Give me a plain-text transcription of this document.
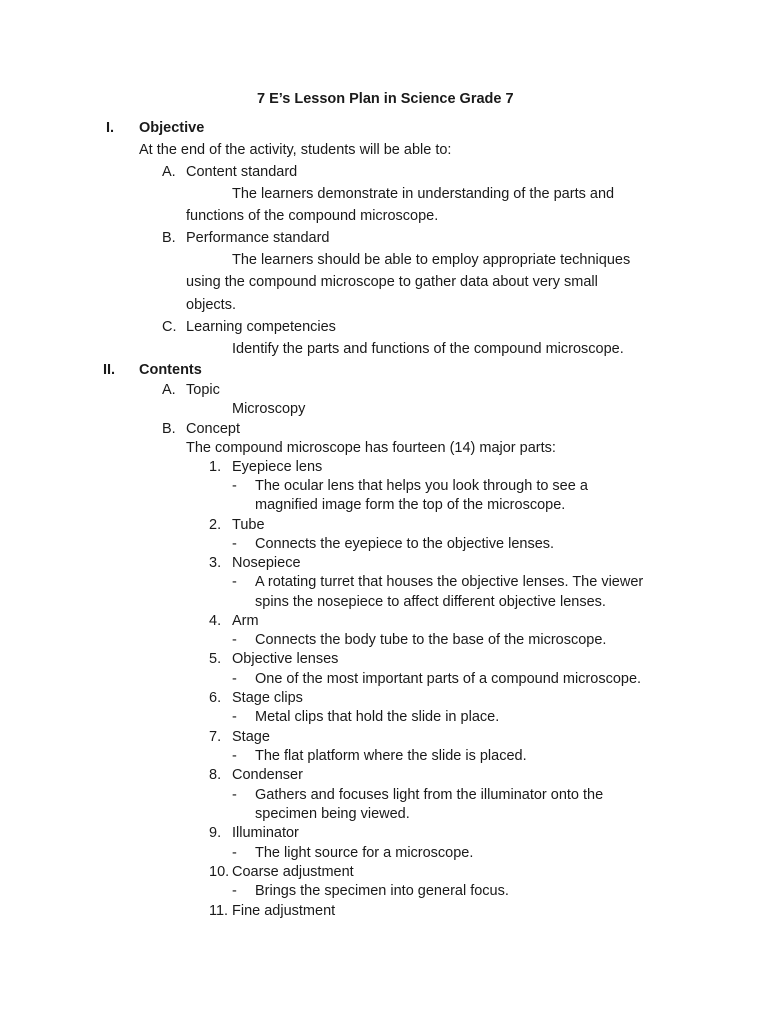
7 E’s Lesson Plan in Science Grade 7
I. Objective
At the end of the activity, students will be able to:
A. Content standard
The learners demonstrate in understanding of the parts and
functions of the compound microscope.
B. Performance standard
The learners should be able to employ appropriate techniques
using the compound microscope to gather data about very small
objects.
C. Learning competencies
Identify the parts and functions of the compound microscope.
II. Contents
A. Topic
Microscopy
B. Concept
The compound microscope has fourteen (14) major parts:
1. Eyepiece lens
- The ocular lens that helps you look through to see a
magnified image form the top of the microscope.
2. Tube
- Connects the eyepiece to the objective lenses.
3. Nosepiece
- A rotating turret that houses the objective lenses. The viewer
spins the nosepiece to affect different objective lenses.
4. Arm
- Connects the body tube to the base of the microscope.
5. Objective lenses
- One of the most important parts of a compound microscope.
6. Stage clips
- Metal clips that hold the slide in place.
7. Stage
- The flat platform where the slide is placed.
8. Condenser
- Gathers and focuses light from the illuminator onto the
specimen being viewed.
9. Illuminator
- The light source for a microscope.
10. Coarse adjustment
- Brings the specimen into general focus.
11. Fine adjustment
